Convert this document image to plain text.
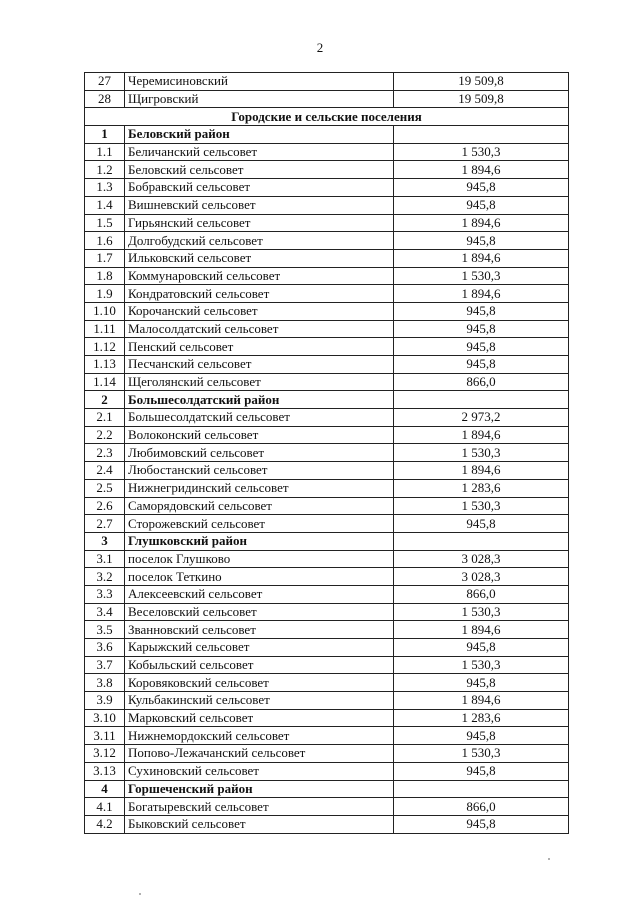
2
27	Черемисиновский	19 509,8
28	Щигровский	19 509,8
Городские и сельские поселения		
1	Беловский район	
1.1	Беличанский сельсовет	1 530,3
1.2	Беловский сельсовет	1 894,6
1.3	Бобравский сельсовет	945,8
1.4	Вишневский сельсовет	945,8
1.5	Гирьянский сельсовет	1 894,6
1.6	Долгобудский сельсовет	945,8
1.7	Ильковский сельсовет	1 894,6
1.8	Коммунаровский сельсовет	1 530,3
1.9	Кондратовский сельсовет	1 894,6
1.10	Корочанский сельсовет	945,8
1.11	Малосолдатский сельсовет	945,8
1.12	Пенский сельсовет	945,8
1.13	Песчанский сельсовет	945,8
1.14	Щеголянский сельсовет	866,0
2	Большесолдатский район	
2.1	Большесолдатский сельсовет	2 973,2
2.2	Волоконский сельсовет	1 894,6
2.3	Любимовский сельсовет	1 530,3
2.4	Любостанский сельсовет	1 894,6
2.5	Нижнегридинский сельсовет	1 283,6
2.6	Саморядовский сельсовет	1 530,3
2.7	Сторожевский сельсовет	945,8
3	Глушковский район	
3.1	поселок Глушково	3 028,3
3.2	поселок Теткино	3 028,3
3.3	Алексеевский сельсовет	866,0
3.4	Веселовский сельсовет	1 530,3
3.5	Званновский сельсовет	1 894,6
3.6	Карыжский сельсовет	945,8
3.7	Кобыльский сельсовет	1 530,3
3.8	Коровяковский сельсовет	945,8
3.9	Кульбакинский сельсовет	1 894,6
3.10	Марковский сельсовет	1 283,6
3.11	Нижнемордокский сельсовет	945,8
3.12	Попово-Лежачанский сельсовет	1 530,3
3.13	Сухиновский сельсовет	945,8
4	Горшеченский район	
4.1	Богатыревский сельсовет	866,0
4.2	Быковский сельсовет	945,8
